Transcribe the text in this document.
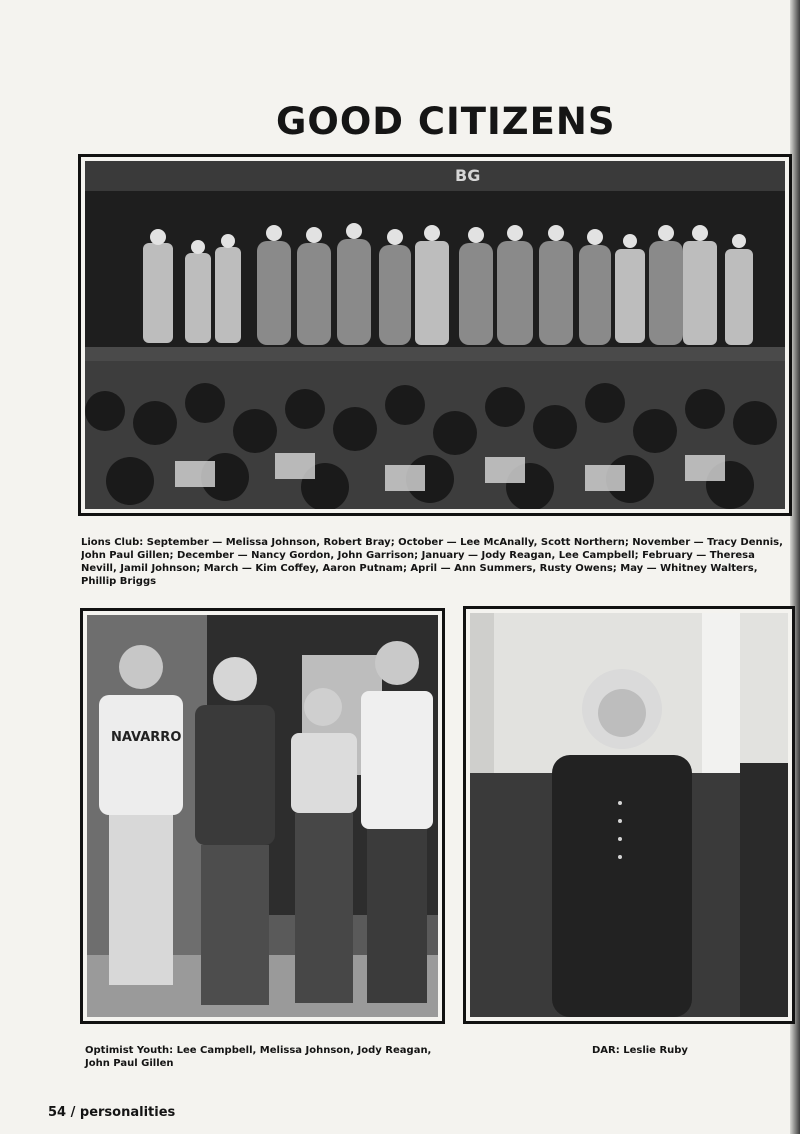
GOOD CITIZENS
BG
Lions Club: September — Melissa Johnson, Robert Bray; October — Lee McAnally, Scott Northern; November — Tracy Dennis,
John Paul Gillen; December — Nancy Gordon, John Garrison; January — Jody Reagan, Lee Campbell; February — Theresa
Nevill, Jamil Johnson; March — Kim Coffey, Aaron Putnam; April — Ann Summers, Rusty Owens; May — Whitney Walters,
Phillip Briggs
NAVARRO
Optimist Youth: Lee Campbell, Melissa Johnson, Jody Reagan,
John Paul Gillen
DAR: Leslie Ruby
54 / personalities
